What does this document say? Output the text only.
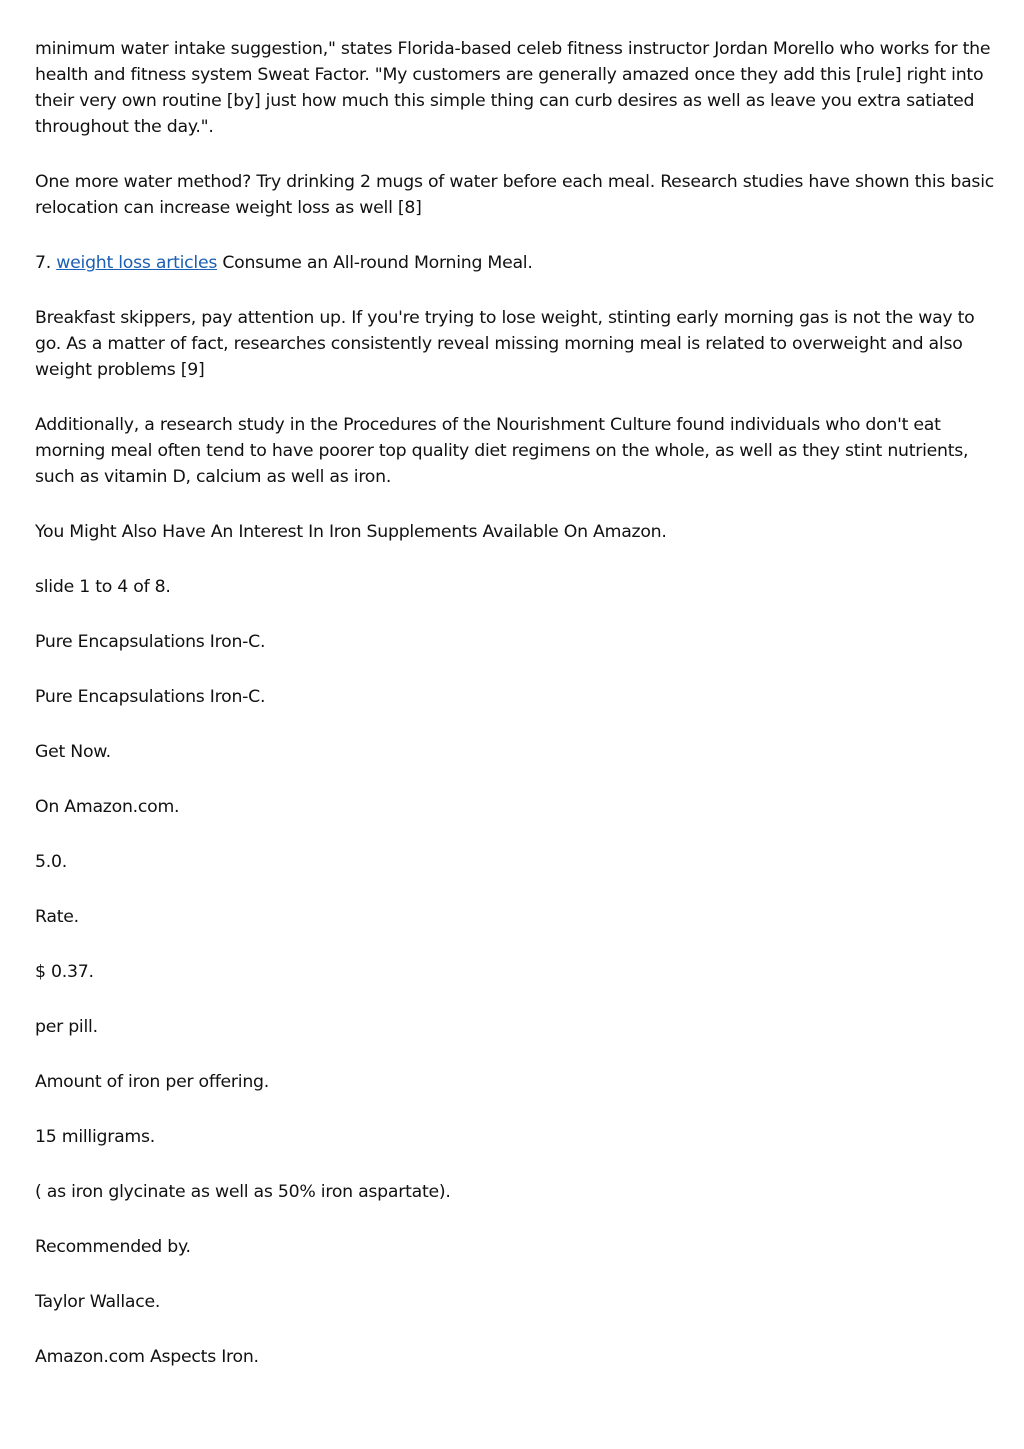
minimum water intake suggestion," states Florida-based celeb fitness instructor Jordan Morello who works for the health and fitness system Sweat Factor. "My customers are generally amazed once they add this [rule] right into their very own routine [by] just how much this simple thing can curb desires as well as leave you extra satiated throughout the day.".

One more water method? Try drinking 2 mugs of water before each meal. Research studies have shown this basic relocation can increase weight loss as well [8]

7. weight loss articles Consume an All-round Morning Meal.

Breakfast skippers, pay attention up. If you're trying to lose weight, stinting early morning gas is not the way to go. As a matter of fact, researches consistently reveal missing morning meal is related to overweight and also weight problems [9]

Additionally, a research study in the Procedures of the Nourishment Culture found individuals who don't eat morning meal often tend to have poorer top quality diet regimens on the whole, as well as they stint nutrients, such as vitamin D, calcium as well as iron.

You Might Also Have An Interest In Iron Supplements Available On Amazon.

slide 1 to 4 of 8.

Pure Encapsulations Iron-C.

Pure Encapsulations Iron-C.

Get Now.

On Amazon.com.

5.0.

Rate.

$ 0.37.

per pill.

Amount of iron per offering.

15 milligrams.

( as iron glycinate as well as 50% iron aspartate).

Recommended by.

Taylor Wallace.

Amazon.com Aspects Iron.
